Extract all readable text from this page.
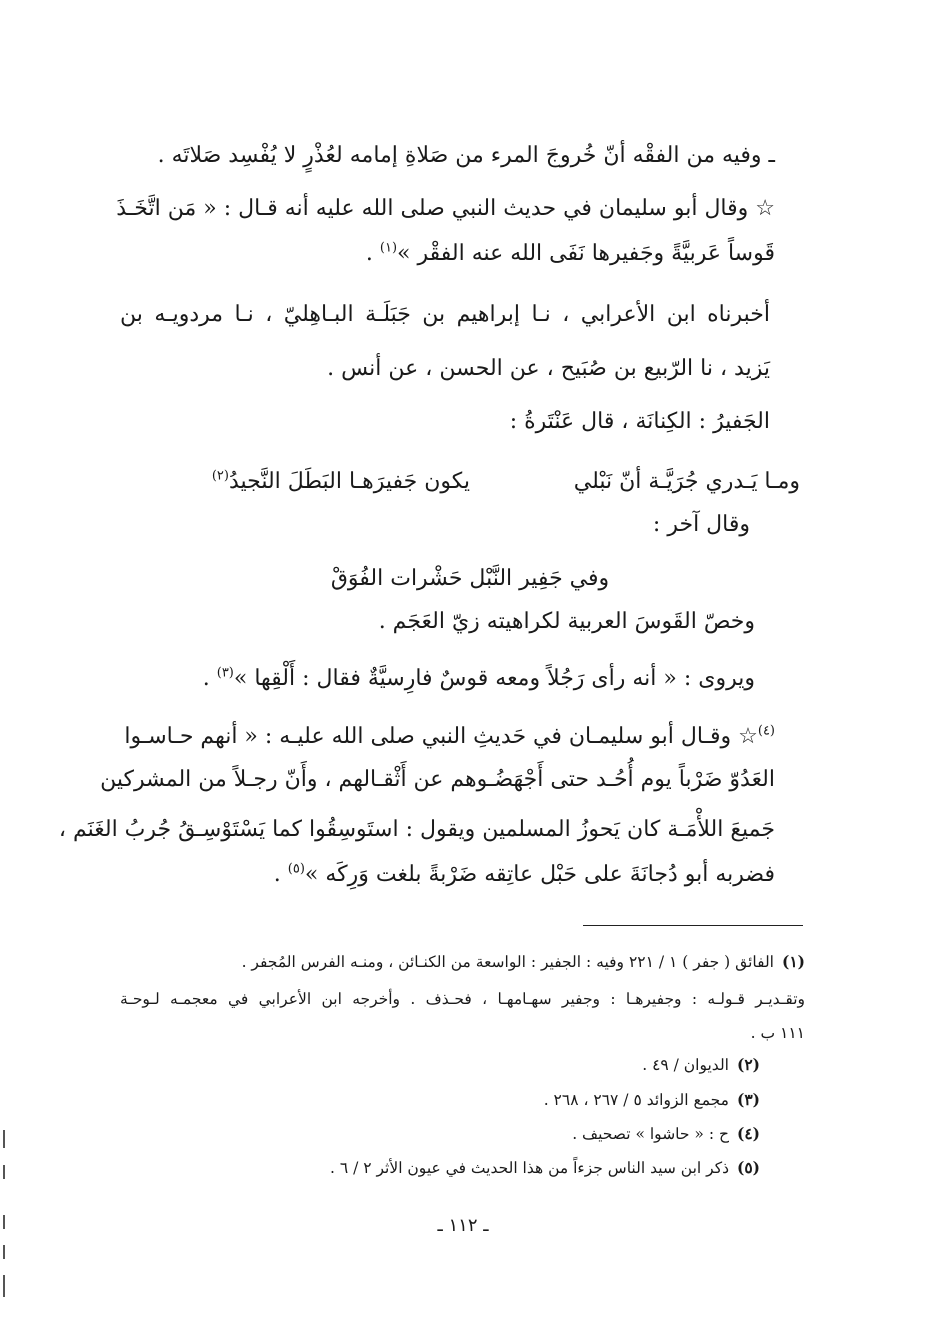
ـ وفيه من الفقْه أنّ خُروجَ المرء من صَلاةِ إمامه لعُذْرٍ لا يُفْسِد صَلاتَه .
☆ وقال أبو سليمان في حديث النبي صلى الله عليه أنه قـال : « مَن اتَّخَـذَ
قَوساً عَربيَّةً وجَفيرها نَفَى الله عنه الفقْر »$^{(١)}$ .
أخبرناه ابن الأعرابي ، نـا إبراهيم بن جَبَلَـة البـاهِليّ ، نـا مردويـه بن
يَزيد ، نا الرّبيع بن صُبَيح ، عن الحسن ، عن أنس .
الجَفيرُ : الكِنانَة ، قال عَنْتَرةُ :
ومـا يَـدري جُرَيَّـة أنّ نَبْلي
يكون جَفيرَهـا البَطَلَ النَّجيدُ$^{(٢)}$
وقال آخر :
وفي جَفِير النَّبْل حَشْرات الفُوَقْ
وخصّ القَوسَ العربية لكراهيته زيّ العَجَم .
ويروى : « أنه رأى رَجُلاً ومعه قوسٌ فارِسيَّةٌ فقال : أَلْقِها »$^{(٣)}$ .
$^{(٤)}$☆ وقـال أبو سليمـان في حَديثِ النبي صلى الله عليـه : « أنهم حـاسـوا
العَدُوّ ضَرْباً يوم أُحُـد حتى أَجْهَضُـوهم عن أَثْقـالهم ، وأَنّ رجـلاً من المشركين
جَميعَ اللأْمَـة كان يَحوزُ المسلمين ويقول : استَوسِقُوا كما يَسْتَوْسِـقُ جُربُ الغَنَم ،
فضربه أبو دُجانَةَ على حَبْل عاتِقه ضَرْبةً بلغت وَرِكَه »$^{(٥)}$ .
(١)الفائق ( جفر ) ١ / ٢٢١ وفيه : الجفير : الواسعة من الكنـائن ، ومنـه الفرس المُجفر .
وتقـديـر قـولـه : وجفيرهـا : وجفير سهـامهـا ، فحـذف . وأخرجه ابن الأعرابي في معجمـه لـوحـة
١١١ ب .
(٢)الديوان / ٤٩ .
(٣)مجمع الزوائد ٥ / ٢٦٧ ، ٢٦٨ .
(٤)ح : « حاشوا » تصحيف .
(٥)ذكر ابن سيد الناس جزءاً من هذا الحديث في عيون الأثر ٢ / ٦ .
ـ ١١٢ ـ
